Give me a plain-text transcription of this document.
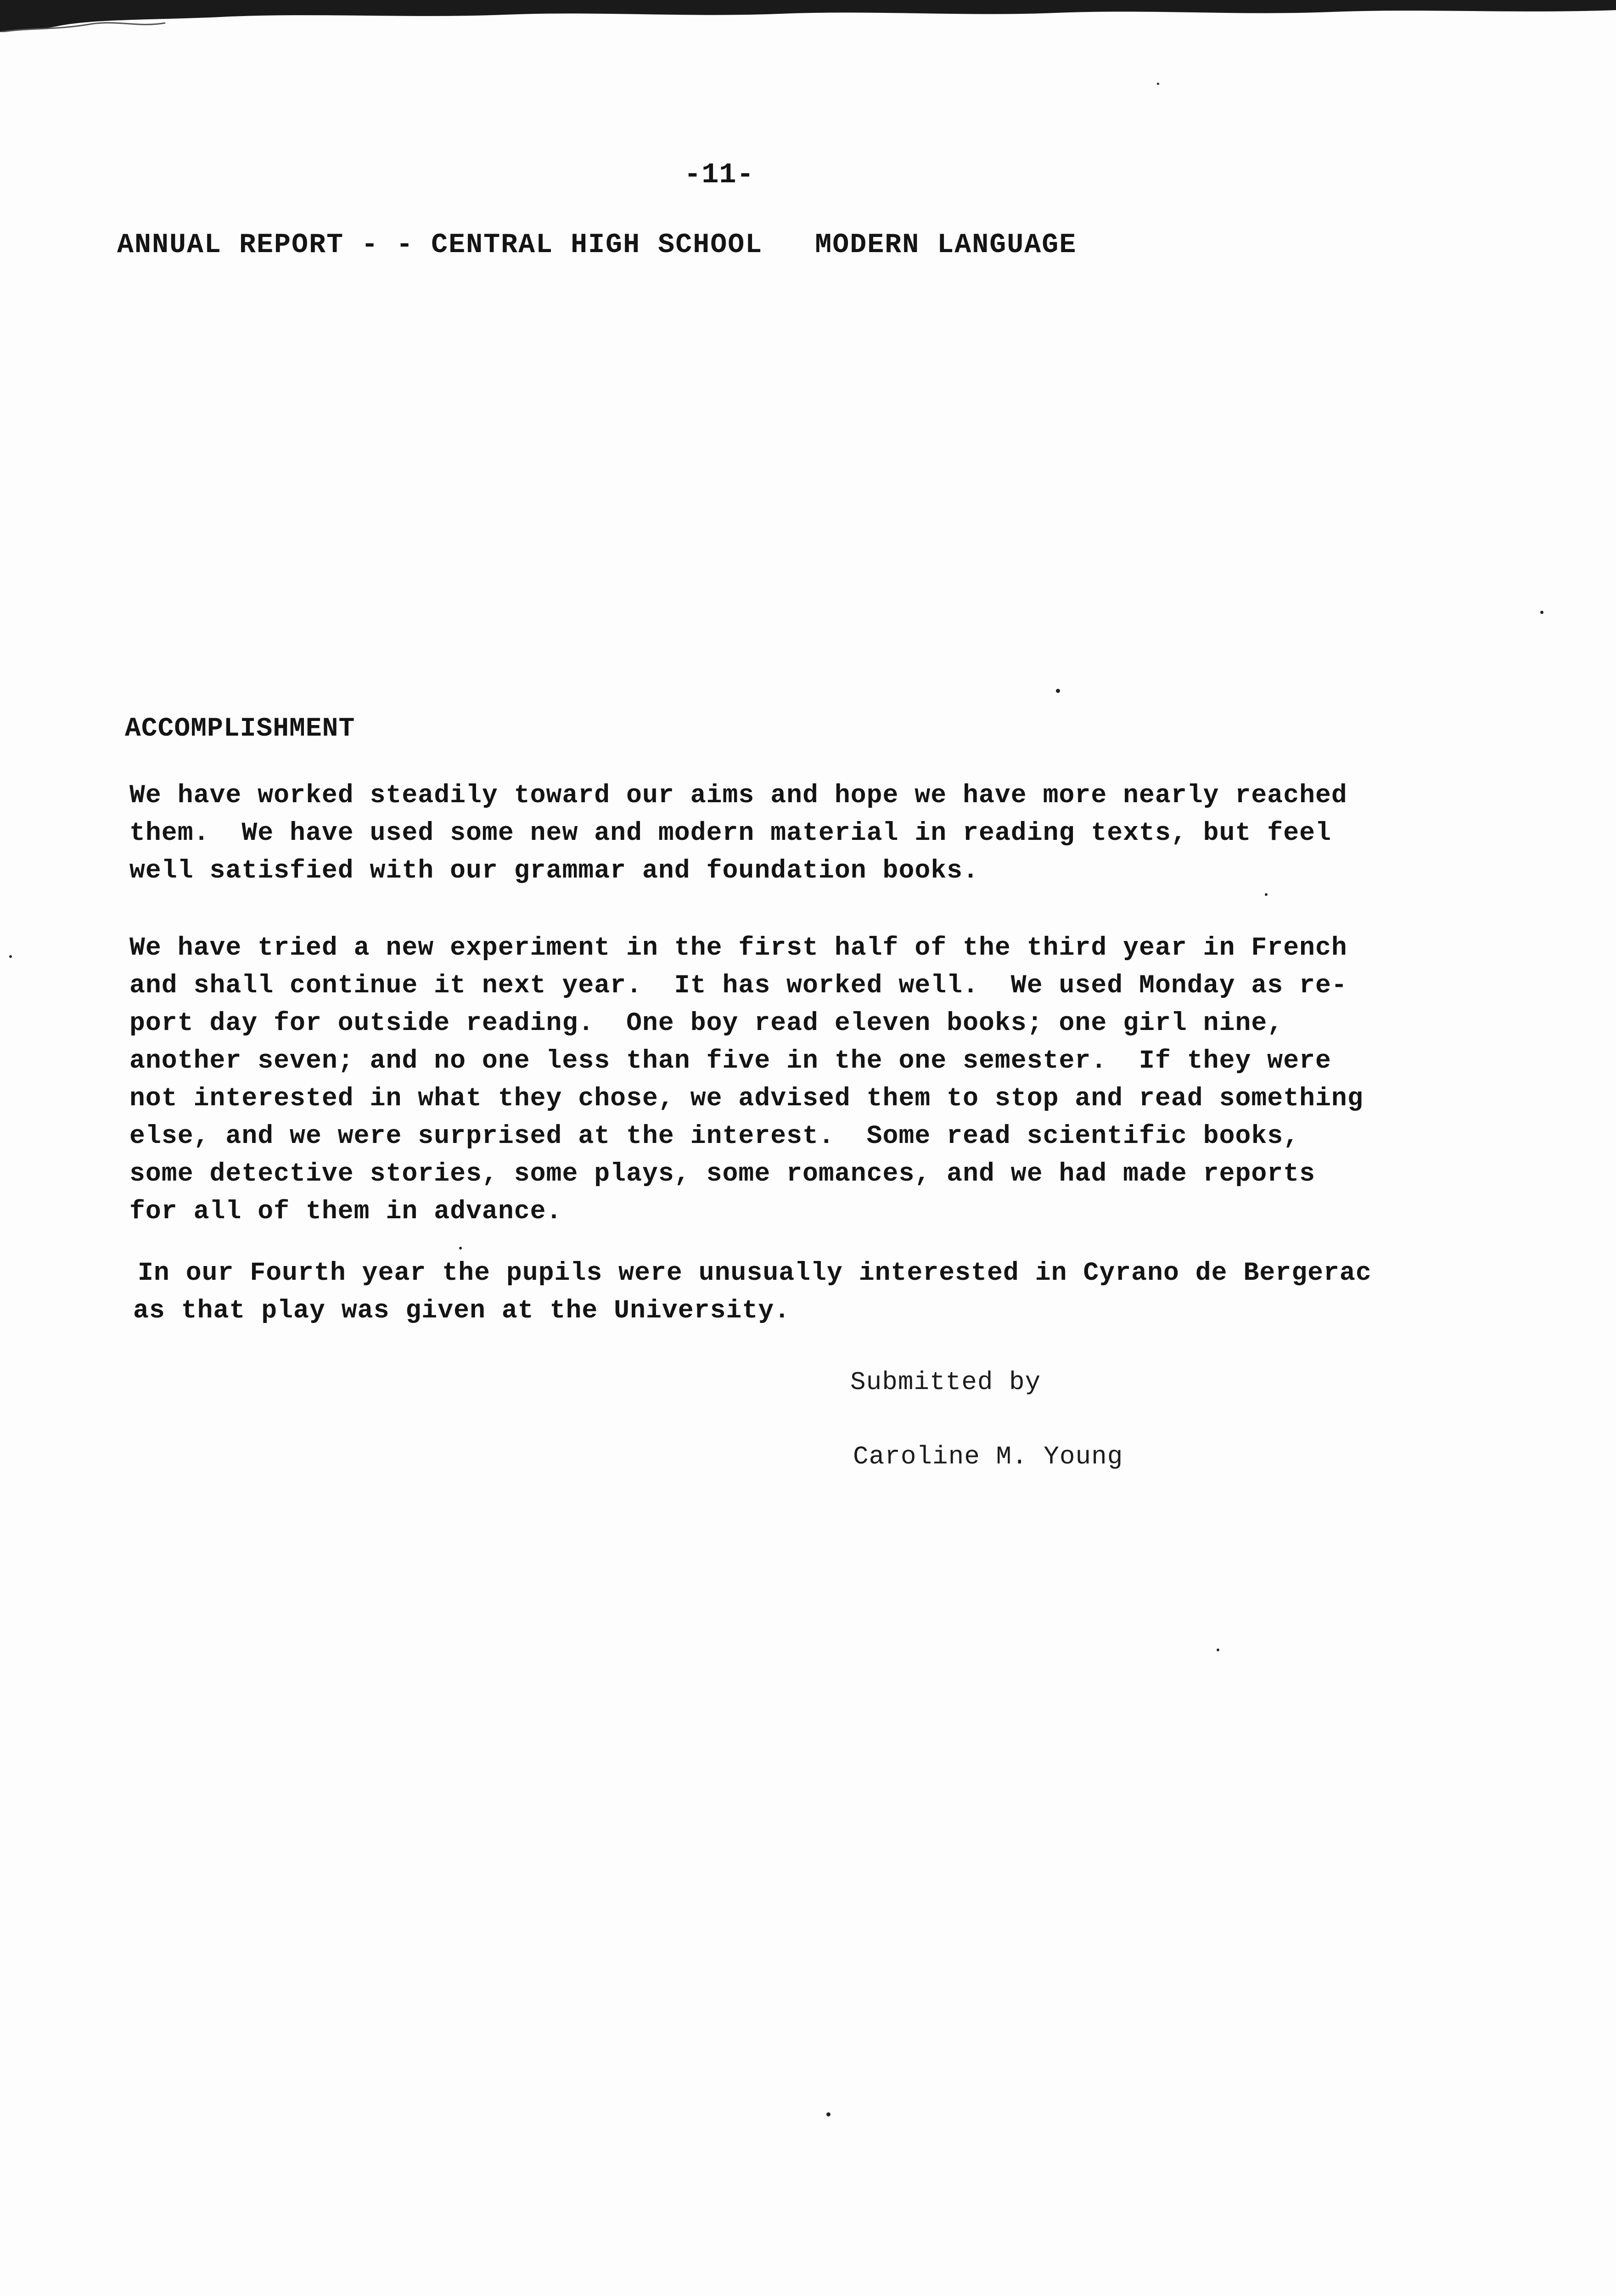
-11-
ANNUAL REPORT - - CENTRAL HIGH SCHOOL   MODERN LANGUAGE
ACCOMPLISHMENT
We have worked steadily toward our aims and hope we have more nearly reached
them.  We have used some new and modern material in reading texts, but feel
well satisfied with our grammar and foundation books.
We have tried a new experiment in the first half of the third year in French
and shall continue it next year.  It has worked well.  We used Monday as re-
port day for outside reading.  One boy read eleven books; one girl nine,
another seven; and no one less than five in the one semester.  If they were
not interested in what they chose, we advised them to stop and read something
else, and we were surprised at the interest.  Some read scientific books,
some detective stories, some plays, some romances, and we had made reports
for all of them in advance.
In our Fourth year the pupils were unusually interested in Cyrano de Bergerac
as that play was given at the University.
Submitted by
Caroline M. Young
